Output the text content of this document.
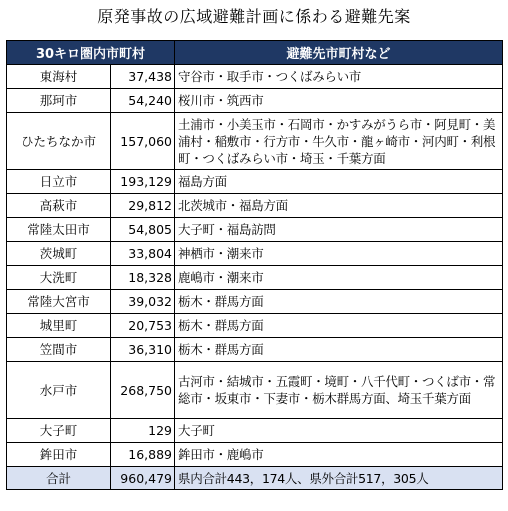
原発事故の広域避難計画に係わる避難先案
30キロ圏内市町村		避難先市町村など
東海村	37,438	守谷市・取手市・つくばみらい市
那珂市	54,240	桜川市・筑西市
ひたちなか市	157,060	土浦市・小美玉市・石岡市・かすみがうら市・阿見町・美浦村・稲敷市・行方市・牛久市・龍ヶ崎市・河内町・利根町・つくばみらい市・埼玉・千葉方面
日立市	193,129	福島方面
高萩市	29,812	北茨城市・福島方面
常陸太田市	54,805	大子町・福島訪問
茨城町	33,804	神栖市・潮来市
大洗町	18,328	鹿嶋市・潮来市
常陸大宮市	39,032	栃木・群馬方面
城里町	20,753	栃木・群馬方面
笠間市	36,310	栃木・群馬方面
水戸市	268,750	古河市・結城市・五霞町・境町・八千代町・つくば市・常総市・坂東市・下妻市・栃木群馬方面、埼玉千葉方面
大子町	129	大子町
鉾田市	16,889	鉾田市・鹿嶋市
合計	960,479	県内合計443，174人、県外合計517，305人
